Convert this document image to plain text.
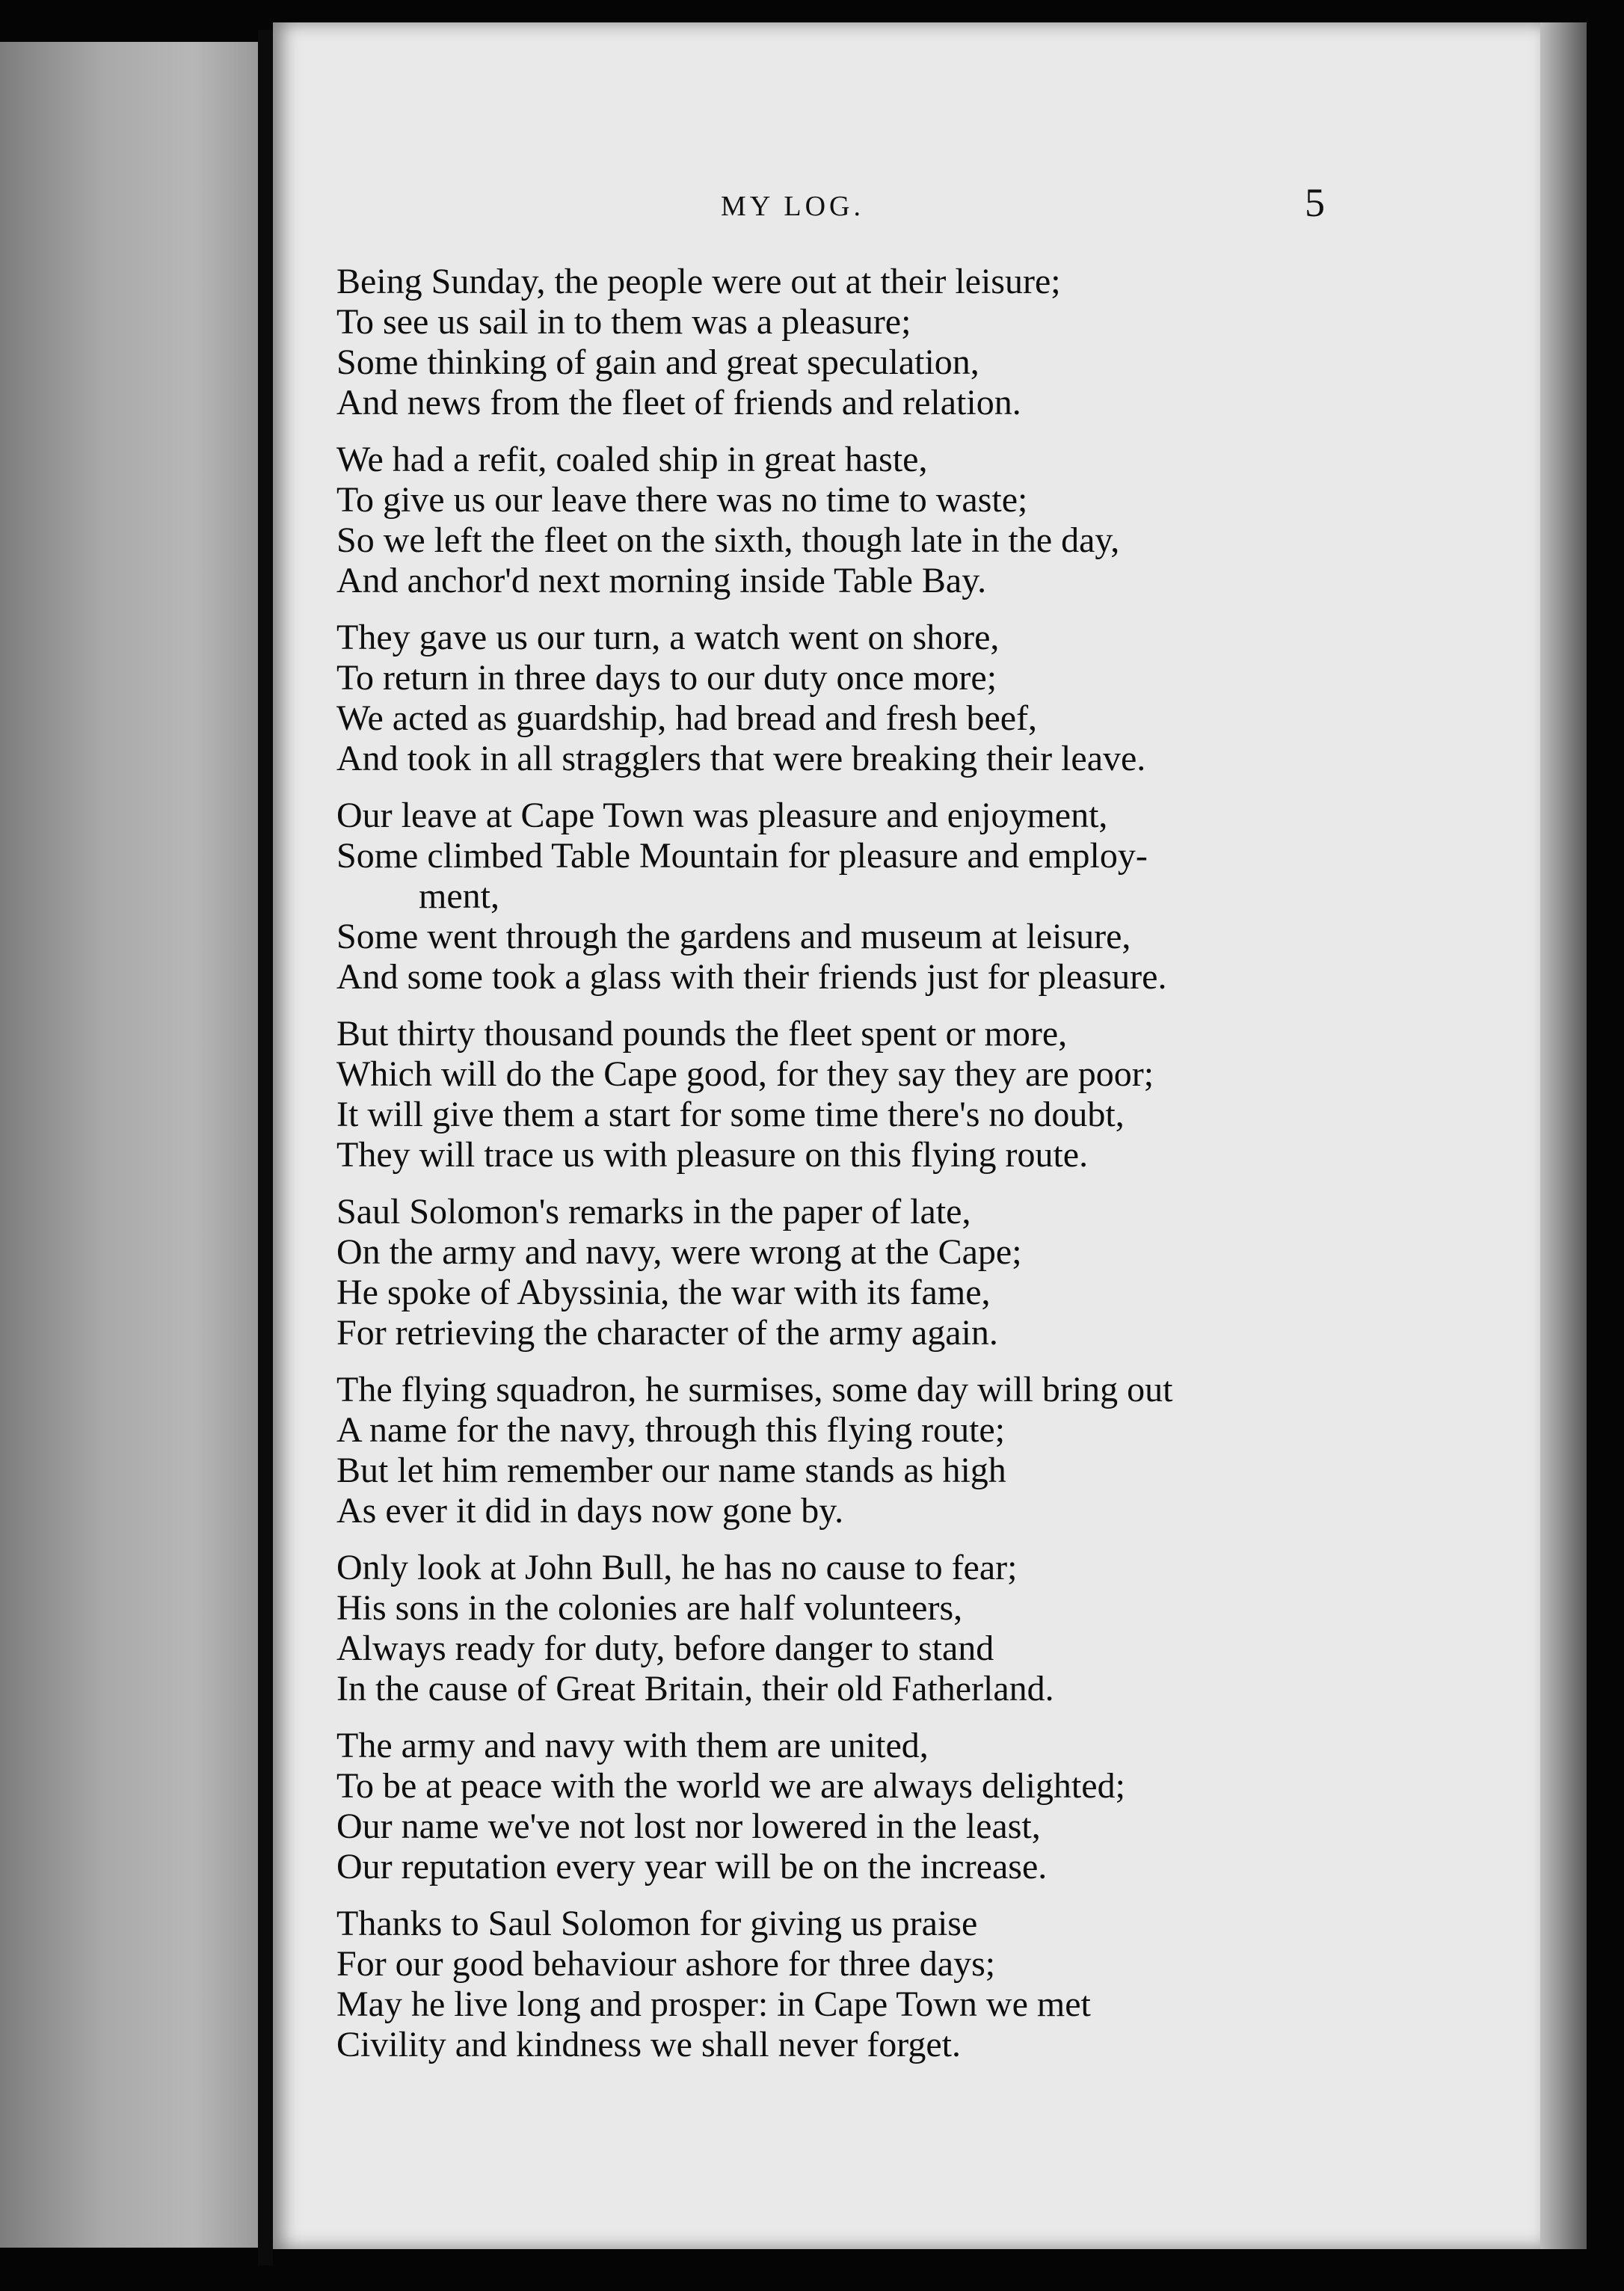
MY LOG.	5
Being Sunday, the people were out at their leisure;
To see us sail in to them was a pleasure;
Some thinking of gain and great speculation,
And news from the fleet of friends and relation.
We had a refit, coaled ship in great haste,
To give us our leave there was no time to waste;
So we left the fleet on the sixth, though late in the day,
And anchor'd next morning inside Table Bay.
They gave us our turn, a watch went on shore,
To return in three days to our duty once more;
We acted as guardship, had bread and fresh beef,
And took in all stragglers that were breaking their leave.
Our leave at Cape Town was pleasure and enjoyment,
Some climbed Table Mountain for pleasure and employ-
ment,
Some went through the gardens and museum at leisure,
And some took a glass with their friends just for pleasure.
But thirty thousand pounds the fleet spent or more,
Which will do the Cape good, for they say they are poor;
It will give them a start for some time there's no doubt,
They will trace us with pleasure on this flying route.
Saul Solomon's remarks in the paper of late,
On the army and navy, were wrong at the Cape;
He spoke of Abyssinia, the war with its fame,
For retrieving the character of the army again.
The flying squadron, he surmises, some day will bring out
A name for the navy, through this flying route;
But let him remember our name stands as high
As ever it did in days now gone by.
Only look at John Bull, he has no cause to fear;
His sons in the colonies are half volunteers,
Always ready for duty, before danger to stand
In the cause of Great Britain, their old Fatherland.
The army and navy with them are united,
To be at peace with the world we are always delighted;
Our name we've not lost nor lowered in the least,
Our reputation every year will be on the increase.
Thanks to Saul Solomon for giving us praise
For our good behaviour ashore for three days;
May he live long and prosper: in Cape Town we met
Civility and kindness we shall never forget.
